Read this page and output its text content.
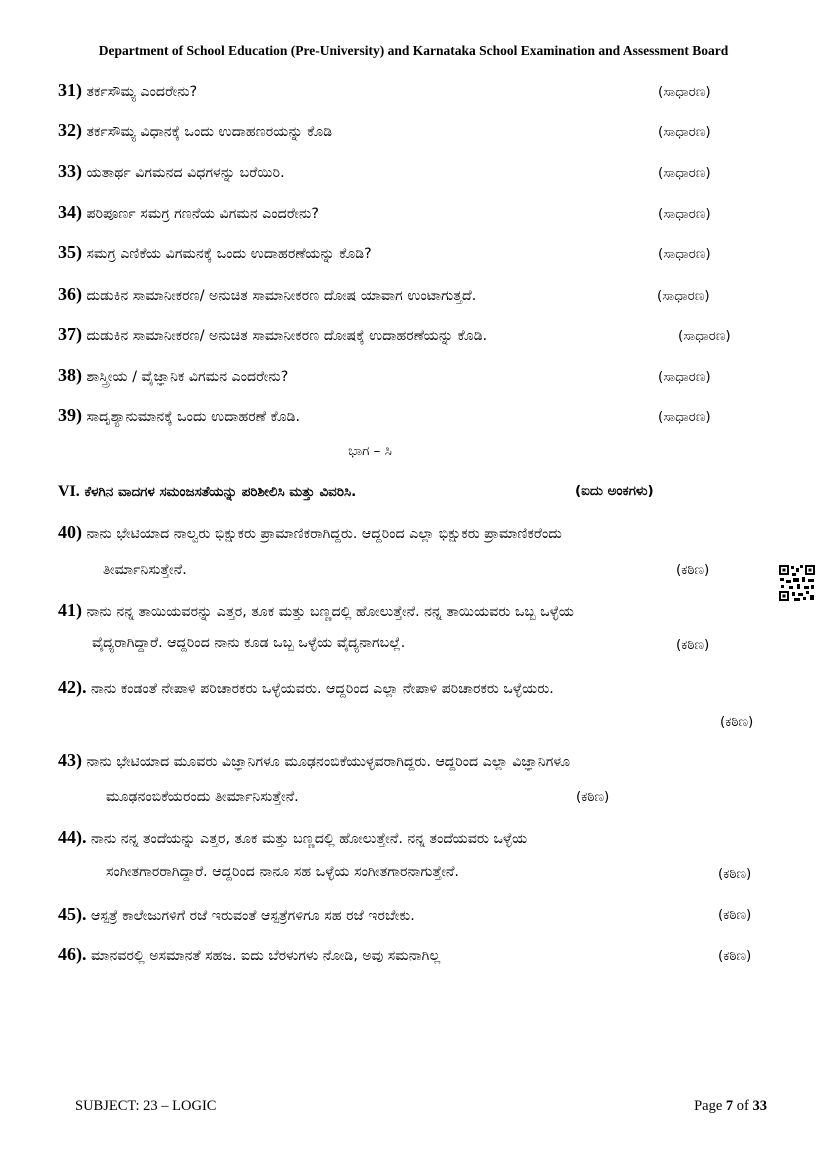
Department of School Education (Pre-University) and Karnataka School Examination and Assessment Board
31) ತರ್ಕಸೌಮ್ಯ ಎಂದರೇನು?	(ಸಾಧಾರಣ)
32) ತರ್ಕಸೌಮ್ಯ ವಿಧಾನಕ್ಕೆ ಒಂದು ಉದಾಹಣರಯನ್ನು ಕೊಡಿ	(ಸಾಧಾರಣ)
33) ಯತಾರ್ಥ ವಿಗಮನದ ವಿಧಗಳನ್ನು ಬರೆಯಿರಿ.	(ಸಾಧಾರಣ)
34) ಪರಿಪೂರ್ಣ ಸಮಗ್ರ ಗಣನೆಯ ವಿಗಮನ ಎಂದರೇನು?	(ಸಾಧಾರಣ)
35) ಸಮಗ್ರ ಎಣಿಕೆಯ ವಿಗಮನಕ್ಕೆ ಒಂದು ಉದಾಹರಣೆಯನ್ನು ಕೊಡಿ?	(ಸಾಧಾರಣ)
36) ದುಡುಕಿನ ಸಾಮಾನೀಕರಣ/ ಅನುಚಿತ ಸಾಮಾನೀಕರಣ ದೋಷ ಯಾವಾಗ ಉಂಟಾಗುತ್ತದೆ.	(ಸಾಧಾರಣ)
37) ದುಡುಕಿನ ಸಾಮಾನೀಕರಣ/ ಅನುಚಿತ ಸಾಮಾನೀಕರಣ ದೋಷಕ್ಕೆ ಉದಾಹರಣೆಯನ್ನು ಕೊಡಿ.	(ಸಾಧಾರಣ)
38) ಶಾಸ್ತ್ರೀಯ / ವೈಜ್ಞಾನಿಕ ವಿಗಮನ ಎಂದರೇನು?	(ಸಾಧಾರಣ)
39) ಸಾದೃಶ್ಯಾನುಮಾನಕ್ಕೆ ಒಂದು ಉದಾಹರಣೆ ಕೊಡಿ.	(ಸಾಧಾರಣ)
ಭಾಗ – ಸಿ
VI. ಕೆಳಗಿನ ವಾದಗಳ ಸಮಂಜಸತೆಯನ್ನು ಪರಿಶೀಲಿಸಿ ಮತ್ತು ವಿವರಿಸಿ.	(ಐದು ಅಂಕಗಳು)
40) ನಾನು ಭೇಟಿಯಾದ ನಾಲ್ವರು ಭಿಕ್ಷುಕರು ಪ್ರಾಮಾಣಿಕರಾಗಿದ್ದರು. ಆದ್ದರಿಂದ ಎಲ್ಲಾ ಭಿಕ್ಷುಕರು ಪ್ರಾಮಾಣಿಕರೆಂದು
ತೀರ್ಮಾನಿಸುತ್ತೇನೆ.	(ಕಠಿಣ)
41) ನಾನು ನನ್ನ ತಾಯಿಯವರನ್ನು ಎತ್ತರ, ತೂಕ ಮತ್ತು ಬಣ್ಣದಲ್ಲಿ ಹೋಲುತ್ತೇನೆ. ನನ್ನ ತಾಯಿಯವರು ಒಬ್ಬ ಒಳ್ಳೆಯ
ವೈದ್ಯರಾಗಿದ್ದಾರೆ. ಆದ್ದರಿಂದ ನಾನು ಕೂಡ ಒಬ್ಬ ಒಳ್ಳೆಯ ವೈದ್ಯನಾಗಬಲ್ಲೆ.	(ಕಠಿಣ)
42). ನಾನು ಕಂಡಂತೆ ನೇಪಾಳಿ ಪರಿಚಾರಕರು ಒಳ್ಳೆಯವರು. ಆದ್ದರಿಂದ ಎಲ್ಲಾ ನೇಪಾಳಿ ಪರಿಚಾರಕರು ಒಳ್ಳೆಯರು.
(ಕಠಿಣ)
43) ನಾನು ಭೇಟಿಯಾದ ಮೂವರು ವಿಜ್ಞಾನಿಗಳೂ ಮೂಢನಂಬಿಕೆಯುಳ್ಳವರಾಗಿದ್ದರು. ಆದ್ದರಿಂದ ಎಲ್ಲಾ ವಿಜ್ಞಾನಿಗಳೂ
ಮೂಢನಂಬಿಕೆಯರಂದು ತೀರ್ಮಾನಿಸುತ್ತೇನೆ.	(ಕಠಿಣ)
44). ನಾನು ನನ್ನ ತಂದೆಯನ್ನು ಎತ್ತರ, ತೂಕ ಮತ್ತು ಬಣ್ಣದಲ್ಲಿ ಹೋಲುತ್ತೇನೆ. ನನ್ನ ತಂದೆಯವರು ಒಳ್ಳೆಯ
ಸಂಗೀತಗಾರರಾಗಿದ್ದಾರೆ. ಆದ್ದರಿಂದ ನಾನೂ ಸಹ ಒಳ್ಳೆಯ ಸಂಗೀತಗಾರನಾಗುತ್ತೇನೆ.	(ಕಠಿಣ)
45). ಆಸ್ಪತ್ರೆ ಕಾಲೇಜುಗಳಿಗೆ ರಜೆ ಇರುವಂತೆ ಆಸ್ಪತ್ರೆಗಳಿಗೂ ಸಹ ರಜೆ ಇರಬೇಕು.	(ಕಠಿಣ)
46). ಮಾನವರಲ್ಲಿ ಅಸಮಾನತೆ ಸಹಜ. ಐದು ಬೆರಳುಗಳು ನೋಡಿ, ಅವು ಸಮನಾಗಿಲ್ಲ	(ಕಠಿಣ)
SUBJECT: 23 – LOGIC	Page 7 of 33
